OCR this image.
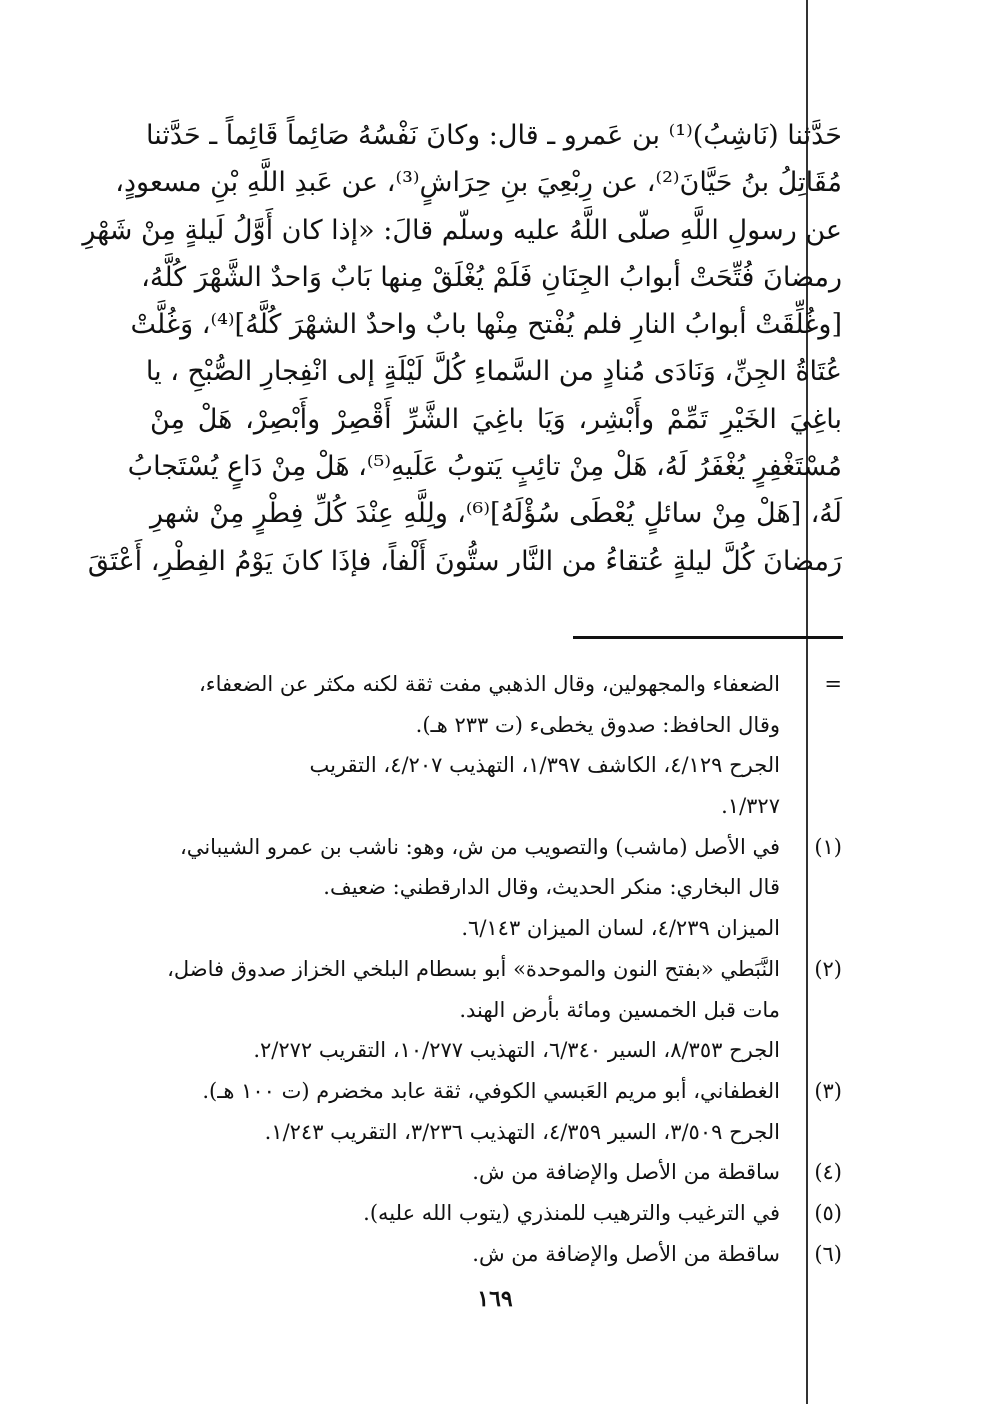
حَدَّثنا (نَاشِبُ)⁽¹⁾ بن عَمرو ـ قال: وكانَ نَفْسُهُ صَائِماً قَائِماً ـ حَدَّثنا
مُقَاتِلُ بنُ حَيَّانَ⁽²⁾، عن رِبْعِيَ بنِ حِرَاشٍ⁽³⁾، عن عَبدِ اللَّهِ بْنِ مسعودٍ،
عن رسولِ اللَّهِ صلّى اللَّهُ عليه وسلّم قالَ: «إذا كان أَوَّلُ لَيلةٍ مِنْ شَهْرِ
رمضانَ فُتِّحَتْ أبوابُ الجِنَانِ فَلَمْ يُغْلَقْ مِنها بَابٌ وَاحدٌ الشَّهْرَ كُلَّهُ،
[وغُلِّقَتْ أبوابُ النارِ فلم يُفْتح مِنْها بابٌ واحدٌ الشهْرَ كُلَّهُ]⁽⁴⁾، وَغُلَّتْ
عُتَاةُ الجِنِّ، وَنَادَى مُنادٍ من السَّماءِ كُلَّ لَيْلَةٍ إلى انْفِجارِ الصُّبْحِ ، يا
باغِيَ الخَيْرِ تَمِّمْ وأَبْشِر، وَيَا باغِيَ الشَّرِّ أَقْصِرْ وأَبْصِرْ، هَلْ مِنْ
مُسْتَغْفِرٍ يُغْفَرُ لَهُ، هَلْ مِنْ تائِبٍ يَتوبُ عَلَيهِ⁽⁵⁾، هَلْ مِنْ دَاعٍ يُسْتَجابُ
لَهُ، [هَلْ مِنْ سائلٍ يُعْطَى سُؤْلَهُ]⁽⁶⁾، ولِلَّهِ عِنْدَ كُلِّ فِطْرٍ مِنْ شهرِ
رَمضانَ كُلَّ ليلةٍ عُتقاءُ من النَّار ستُّونَ أَلْفاً، فإذَا كانَ يَوْمُ الفِطْرِ، أَعْتَقَ
=
الضعفاء والمجهولين، وقال الذهبي مفت ثقة لكنه مكثر عن الضعفاء،
وقال الحافظ: صدوق يخطىء (ت ٢٣٣ هـ).
الجرح ٤/١٢٩، الكاشف ١/٣٩٧، التهذيب ٤/٢٠٧، التقريب
١/٣٢٧.
(١)
في الأصل (ماشب) والتصويب من ش، وهو: ناشب بن عمرو الشيباني،
قال البخاري: منكر الحديث، وقال الدارقطني: ضعيف.
الميزان ٤/٢٣٩، لسان الميزان ٦/١٤٣.
(٢)
النَّبَطي «بفتح النون والموحدة» أبو بسطام البلخي الخزاز صدوق فاضل،
مات قبل الخمسين ومائة بأرض الهند.
الجرح ٨/٣٥٣، السير ٦/٣٤٠، التهذيب ١٠/٢٧٧، التقريب ٢/٢٧٢.
(٣)
الغطفاني، أبو مريم العَبسي الكوفي، ثقة عابد مخضرم (ت ١٠٠ هـ).
الجرح ٣/٥٠٩، السير ٤/٣٥٩، التهذيب ٣/٢٣٦، التقريب ١/٢٤٣.
(٤)
ساقطة من الأصل والإضافة من ش.
(٥)
في الترغيب والترهيب للمنذري (يتوب الله عليه).
(٦)
ساقطة من الأصل والإضافة من ش.
١٦٩
